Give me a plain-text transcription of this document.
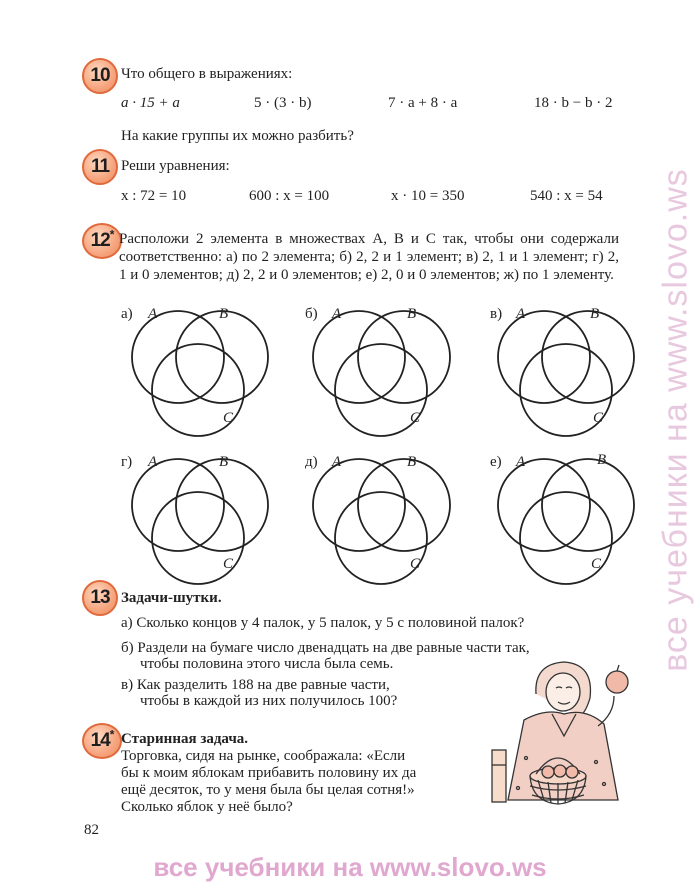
10 Что общего в выражениях:
a · 15 + a	5 · (3 · b)	7 · a + 8 · a	18 · b − b · 2
На какие группы их можно разбить?
11 Реши уравнения:
x : 72 = 10	600 : x = 100	x · 10 = 350	540 : x = 54
12* Расположи 2 элемента в множествах A, B и C так, чтобы они содержали соответственно: а) по 2 элемента; б) 2, 2 и 1 элемент; в) 2, 1 и 1 элемент; г) 2, 1 и 0 элементов; д) 2, 2 и 0 элементов; е) 2, 0 и 0 элементов; ж) по 1 элементу.
а) A	B
C
б) A	B
C
в) A	B
C
г) A	B
C
д) A	B
C
е) A	B
C
13 Задачи-шутки.
а) Сколько концов у 4 палок, у 5 палок, у 5 с половиной палок?
б) Раздели на бумаге число двенадцать на две равные части так,
чтобы половина этого числа была семь.
в) Как разделить 188 на две равные части,
чтобы в каждой из них получилось 100?
14* Старинная задача.
Торговка, сидя на рынке, соображала: «Если
бы к моим яблокам прибавить половину их да
ещё десяток, то у меня была бы целая сотня!»
Сколько яблок у неё было?
82
все учебники на www.slovo.ws
все учебники на www.slovo.ws
